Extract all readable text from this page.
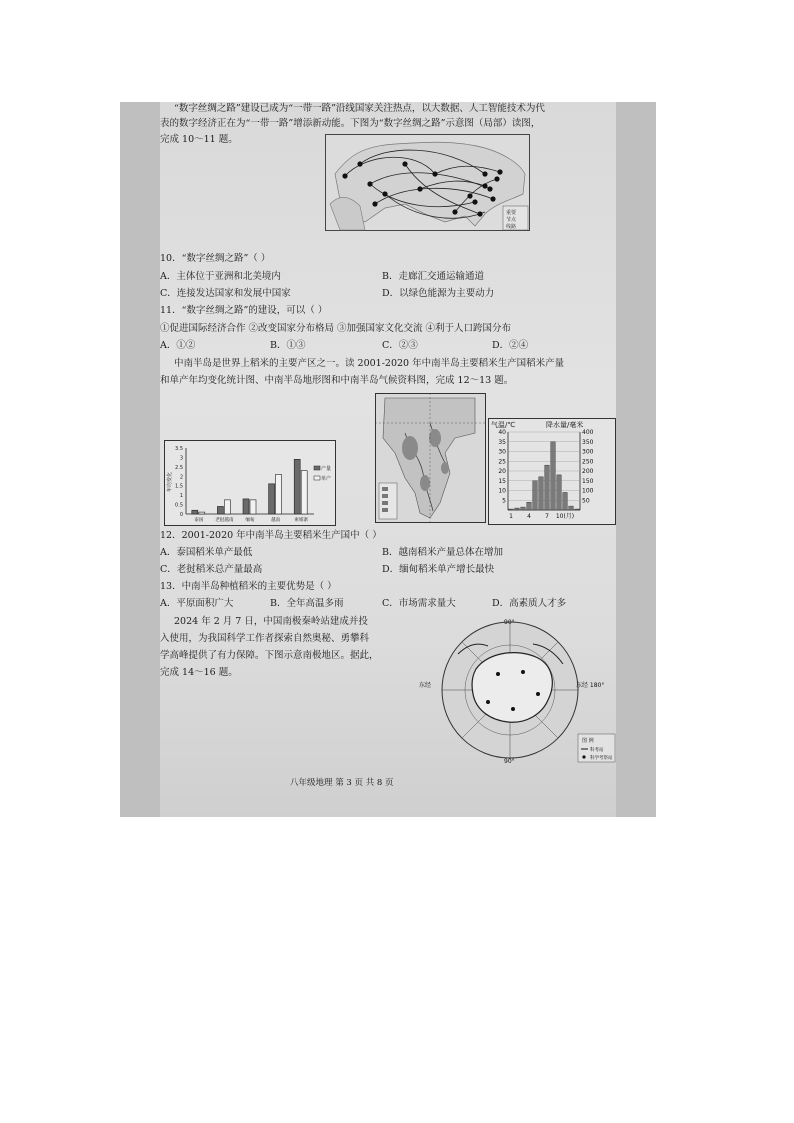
“数字丝绸之路”建设已成为“一带一路”沿线国家关注热点，以大数据、人工智能技术为代
表的数字经济正在为“一带一路”增添新动能。下图为“数字丝绸之路”示意图（局部）读图，
完成 10～11 题。
重要
节点
线路
10．“数字丝绸之路”（ ）
A．主体位于亚洲和北美境内	B．走廊汇交通运输通道
C．连接发达国家和发展中国家	D．以绿色能源为主要动力
11．“数字丝绸之路”的建设，可以（ ）
①促进国际经济合作 ②改变国家分布格局 ③加强国家文化交流 ④利于人口跨国分布
A．①②	B．①③	C．②③	D．②④
中南半岛是世界上稻米的主要产区之一。读 2001-2020 年中南半岛主要稻米生产国稻米产量
和单产年均变化统计图、中南半岛地形图和中南半岛气候资料图，完成 12～13 题。
0
0.5
1
1.5
2
2.5
3
3.5
年均变化
泰国	老挝越南	缅甸	越南	柬埔寨
产量
单产
气温/℃	降水量/毫米
5
10
15
20
25
30
35
40
50
100
150
200
250
300
350
400
1 4 7 10(月)
12．2001-2020 年中南半岛主要稻米生产国中（ ）
A．泰国稻米单产最低	B．越南稻米产量总体在增加
C．老挝稻米总产量最高	D．缅甸稻米单产增长最快
13．中南半岛种植稻米的主要优势是（ ）
A．平原面积广大	B．全年高温多雨	C．市场需求量大	D．高素质人才多
2024 年 2 月 7 日，中国南极秦岭站建成并投
入使用，为我国科学工作者探索自然奥秘、勇攀科
学高峰提供了有力保障。下图示意南极地区。据此，
完成 14～16 题。
90°
东经	东经 180°
90°
图 例
科考站
科学考察站
八年级地理 第 3 页 共 8 页
